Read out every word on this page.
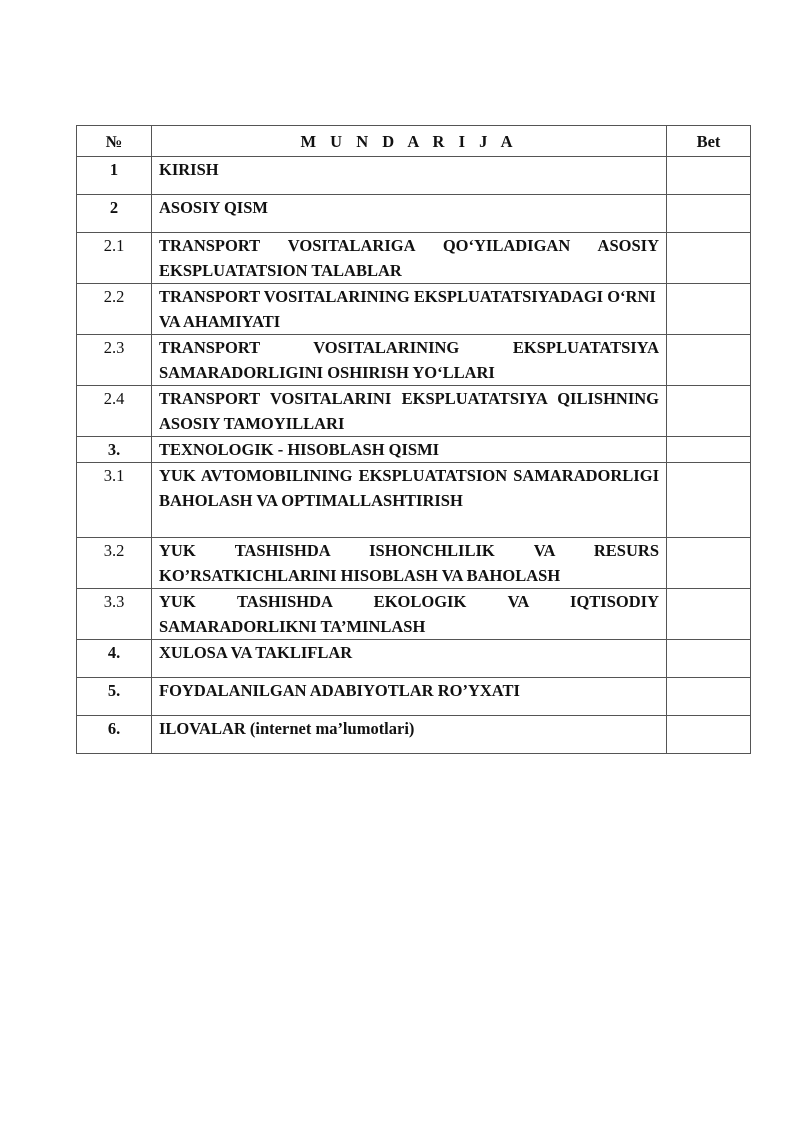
№	M U N D A R I J A	Bet
1	KIRISH	
2	ASOSIY QISM	
2.1	TRANSPORT VOSITALARIGA QO‘YILADIGAN ASOSIY EKSPLUATATSION TALABLAR	
2.2	TRANSPORT VOSITALARINING EKSPLUATATSIYADAGI O‘RNI VA AHAMIYATI	
2.3	TRANSPORT VOSITALARINING EKSPLUATATSIYA SAMARADORLIGINI OSHIRISH YO‘LLARI	
2.4	TRANSPORT VOSITALARINI EKSPLUATATSIYA QILISHNING ASOSIY TAMOYILLARI	
3.	TEXNOLOGIK - HISOBLASH QISMI	
3.1	YUK AVTOMOBILINING EKSPLUATATSION SAMARADORLIGI BAHOLASH VA OPTIMALLASHTIRISH	
3.2	YUK TASHISHDA ISHONCHLILIK VA RESURS KO’RSATKICHLARINI HISOBLASH VA BAHOLASH	
3.3	YUK TASHISHDA EKOLOGIK VA IQTISODIY SAMARADORLIKNI TA’MINLASH	
4.	XULOSA VA TAKLIFLAR	
5.	FOYDALANILGAN ADABIYOTLAR RO’YXATI	
6.	ILOVALAR (internet ma’lumotlari)	
